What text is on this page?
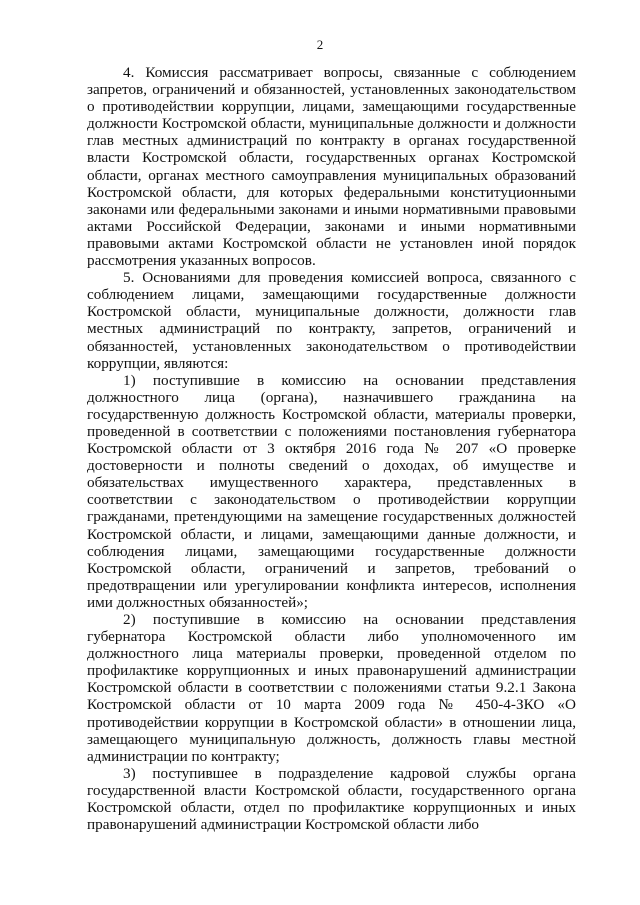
2

4. Комиссия рассматривает вопросы, связанные с соблюдением запретов, ограничений и обязанностей, установленных законодательством о противодействии коррупции, лицами, замещающими государственные должности Костромской области, муниципальные должности и должности глав местных администраций по контракту в органах государственной власти Костромской области, государственных органах Костромской области, органах местного самоуправления муниципальных образований Костромской области, для которых федеральными конституционными законами или федеральными законами и иными нормативными правовыми актами Российской Федерации, законами и иными нормативными правовыми актами Костромской области не установлен иной порядок рассмотрения указанных вопросов.

5. Основаниями для проведения комиссией вопроса, связанного с соблюдением лицами, замещающими государственные должности Костромской области, муниципальные должности, должности глав местных администраций по контракту, запретов, ограничений и обязанностей, установленных законодательством о противодействии коррупции, являются:

1) поступившие в комиссию на основании представления должностного лица (органа), назначившего гражданина на государственную должность Костромской области, материалы проверки, проведенной в соответствии с положениями постановления губернатора Костромской области от 3 октября 2016 года № 207 «О проверке достоверности и полноты сведений о доходах, об имуществе и обязательствах имущественного характера, представленных в соответствии с законодательством о противодействии коррупции гражданами, претендующими на замещение государственных должностей Костромской области, и лицами, замещающими данные должности, и соблюдения лицами, замещающими государственные должности Костромской области, ограничений и запретов, требований о предотвращении или урегулировании конфликта интересов, исполнения ими должностных обязанностей»;

2) поступившие в комиссию на основании представления губернатора Костромской области либо уполномоченного им должностного лица материалы проверки, проведенной отделом по профилактике коррупционных и иных правонарушений администрации Костромской области в соответствии с положениями статьи 9.2.1 Закона Костромской области от 10 марта 2009 года № 450-4-ЗКО «О противодействии коррупции в Костромской области» в отношении лица, замещающего муниципальную должность, должность главы местной администрации по контракту;

3) поступившее в подразделение кадровой службы органа государственной власти Костромской области, государственного органа Костромской области, отдел по профилактике коррупционных и иных правонарушений администрации Костромской области либо
